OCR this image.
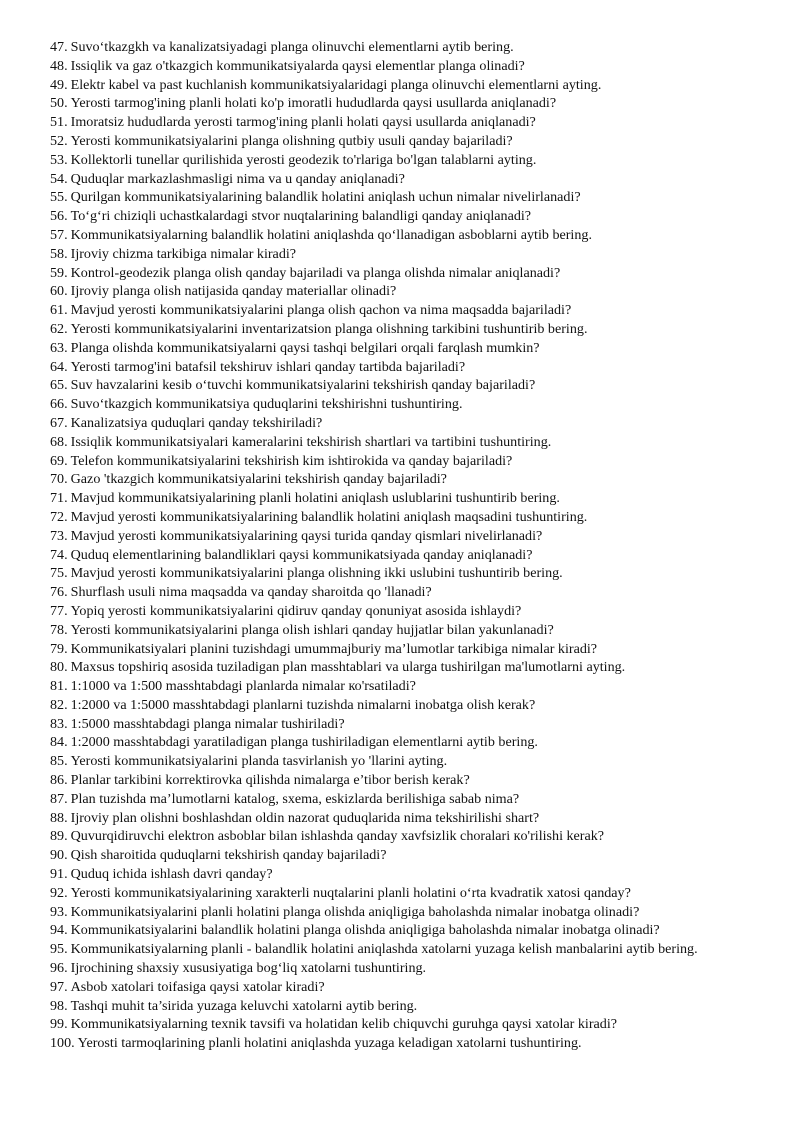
47. Suvo‘tkazgkh va kanalizatsiyadagi planga olinuvchi elementlarni aytib bering.
48. Issiqlik va gaz o'tkazgich kommunikatsiyalarda qaysi elementlar planga olinadi?
49. Elektr kabel va past kuchlanish kommunikatsiyalaridagi planga olinuvchi elementlarni ayting.
50. Yerosti tarmog'ining planli holati ko'p imoratli hududlarda qaysi usullarda aniqlanadi?
51. Imoratsiz hududlarda yerosti tarmog'ining planli holati qaysi usullarda aniqlanadi?
52. Yerosti kommunikatsiyalarini planga olishning qutbiy usuli qanday bajariladi?
53. Kollektorli tunellar qurilishida yerosti geodezik to'rlariga bo'lgan talablarni ayting.
54. Quduqlar markazlashmasligi nima va u qanday aniqlanadi?
55. Qurilgan kommunikatsiyalarining balandlik holatini aniqlash uchun nimalar nivelirlanadi?
56. To‘g‘ri chiziqli uchastkalardagi stvor nuqtalarining balandligi qanday aniqlanadi?
57. Kommunikatsiyalarning balandlik holatini aniqlashda qo‘llanadigan asboblarni aytib bering.
58. Ijroviy chizma tarkibiga nimalar kiradi?
59. Kontrol-geodezik planga olish qanday bajariladi va planga olishda nimalar aniqlanadi?
60. Ijroviy planga olish natijasida qanday materiallar olinadi?
61. Mavjud yerosti kommunikatsiyalarini planga olish qachon va nima maqsadda bajariladi?
62. Yerosti kommunikatsiyalarini inventarizatsion planga olishning tarkibini tushuntirib bering.
63. Planga olishda kommunikatsiyalarni qaysi tashqi belgilari orqali farqlash mumkin?
64. Yerosti tarmog'ini batafsil tekshiruv ishlari qanday tartibda bajariladi?
65. Suv havzalarini kesib o‘tuvchi kommunikatsiyalarini tekshirish qanday bajariladi?
66. Suvo‘tkazgich kommunikatsiya quduqlarini tekshirishni tushuntiring.
67. Kanalizatsiya quduqlari qanday tekshiriladi?
68. Issiqlik kommunikatsiyalari kameralarini tekshirish shartlari va tartibini tushuntiring.
69. Telefon kommunikatsiyalarini tekshirish kim ishtirokida va qanday bajariladi?
70. Gazo 'tkazgich kommunikatsiyalarini tekshirish qanday bajariladi?
71. Mavjud kommunikatsiyalarining planli holatini aniqlash uslublarini tushuntirib bering.
72. Mavjud yerosti kommunikatsiyalarining balandlik holatini aniqlash maqsadini tushuntiring.
73. Mavjud yerosti kommunikatsiyalarining qaysi turida qanday qismlari nivelirlanadi?
74. Quduq elementlarining balandliklari qaysi kommunikatsiyada qanday aniqlanadi?
75. Mavjud yerosti kommunikatsiyalarini planga olishning ikki uslubini tushuntirib bering.
76. Shurflash usuli nima maqsadda va qanday sharoitda qo 'llanadi?
77. Yopiq yerosti kommunikatsiyalarini qidiruv qanday qonuniyat asosida ishlaydi?
78. Yerosti kommunikatsiyalarini planga olish ishlari qanday hujjatlar bilan yakunlanadi?
79. Kommunikatsiyalari planini tuzishdagi umummajburiy ma’lumotlar tarkibiga nimalar kiradi?
80. Maxsus topshiriq asosida tuziladigan plan masshtablari va ularga tushirilgan ma'lumotlarni ayting.
81. 1:1000 va 1:500 masshtabdagi planlarda nimalar ко'rsatiladi?
82. 1:2000 va 1:5000 masshtabdagi planlarni tuzishda nimalarni inobatga olish kerak?
83. 1:5000 masshtabdagi planga nimalar tushiriladi?
84. 1:2000 masshtabdagi yaratiladigan planga tushiriladigan elementlarni aytib bering.
85. Yerosti kommunikatsiyalarini planda tasvirlanish yo 'llarini ayting.
86. Planlar tarkibini korrektirovka qilishda nimalarga e’tibor berish kerak?
87. Plan tuzishda ma’lumotlarni katalog, sxema, eskizlarda berilishiga sabab nima?
88. Ijroviy plan olishni boshlashdan oldin nazorat quduqlarida nima tekshirilishi shart?
89. Quvurqidiruvchi elektron asboblar bilan ishlashda qanday xavfsizlik choralari кo'rilishi kerak?
90. Qish sharoitida quduqlarni tekshirish qanday bajariladi?
91. Quduq ichida ishlash davri qanday?
92. Yerosti kommunikatsiyalarining xarakterli nuqtalarini planli holatini o‘rta kvadratik xatosi qanday?
93. Kommunikatsiyalarini planli holatini planga olishda aniqligiga baholashda nimalar inobatga olinadi?
94. Kommunikatsiyalarini balandlik holatini planga olishda aniqligiga baholashda nimalar inobatga olinadi?
95. Kommunikatsiyalarning planli - balandlik holatini aniqlashda xatolarni yuzaga kelish manbalarini aytib bering.
96. Ijrochining shaxsiy xususiyatiga bog‘liq xatolarni tushuntiring.
97. Asbob xatolari toifasiga qaysi xatolar kiradi?
98. Tashqi muhit ta’sirida yuzaga keluvchi xatolarni aytib bering.
99. Kommunikatsiyalarning texnik tavsifi va holatidan kelib chiquvchi guruhga qaysi xatolar kiradi?
100. Yerosti tarmoqlarining planli holatini aniqlashda yuzaga keladigan xatolarni tushuntiring.
